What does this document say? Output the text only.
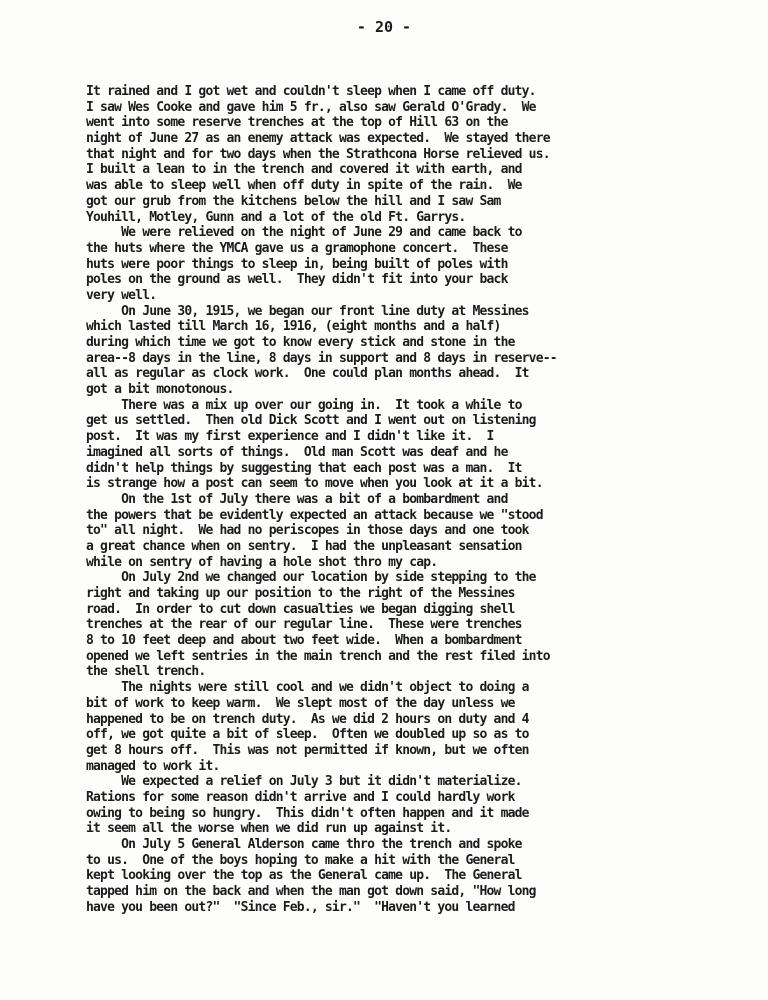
- 20 -
It rained and I got wet and couldn't sleep when I came off duty.
I saw Wes Cooke and gave him 5 fr., also saw Gerald O'Grady.  We
went into some reserve trenches at the top of Hill 63 on the
night of June 27 as an enemy attack was expected.  We stayed there
that night and for two days when the Strathcona Horse relieved us.
I built a lean to in the trench and covered it with earth, and
was able to sleep well when off duty in spite of the rain.  We
got our grub from the kitchens below the hill and I saw Sam
Youhill, Motley, Gunn and a lot of the old Ft. Garrys.
We were relieved on the night of June 29 and came back to
the huts where the YMCA gave us a gramophone concert.  These
huts were poor things to sleep in, being built of poles with
poles on the ground as well.  They didn't fit into your back
very well.
On June 30, 1915, we began our front line duty at Messines
which lasted till March 16, 1916, (eight months and a half)
during which time we got to know every stick and stone in the
area--8 days in the line, 8 days in support and 8 days in reserve--
all as regular as clock work.  One could plan months ahead.  It
got a bit monotonous.
There was a mix up over our going in.  It took a while to
get us settled.  Then old Dick Scott and I went out on listening
post.  It was my first experience and I didn't like it.  I
imagined all sorts of things.  Old man Scott was deaf and he
didn't help things by suggesting that each post was a man.  It
is strange how a post can seem to move when you look at it a bit.
On the 1st of July there was a bit of a bombardment and
the powers that be evidently expected an attack because we "stood
to" all night.  We had no periscopes in those days and one took
a great chance when on sentry.  I had the unpleasant sensation
while on sentry of having a hole shot thro my cap.
On July 2nd we changed our location by side stepping to the
right and taking up our position to the right of the Messines
road.  In order to cut down casualties we began digging shell
trenches at the rear of our regular line.  These were trenches
8 to 10 feet deep and about two feet wide.  When a bombardment
opened we left sentries in the main trench and the rest filed into
the shell trench.
The nights were still cool and we didn't object to doing a
bit of work to keep warm.  We slept most of the day unless we
happened to be on trench duty.  As we did 2 hours on duty and 4
off, we got quite a bit of sleep.  Often we doubled up so as to
get 8 hours off.  This was not permitted if known, but we often
managed to work it.
We expected a relief on July 3 but it didn't materialize.
Rations for some reason didn't arrive and I could hardly work
owing to being so hungry.  This didn't often happen and it made
it seem all the worse when we did run up against it.
On July 5 General Alderson came thro the trench and spoke
to us.  One of the boys hoping to make a hit with the General
kept looking over the top as the General came up.  The General
tapped him on the back and when the man got down said, "How long
have you been out?"  "Since Feb., sir."  "Haven't you learned
